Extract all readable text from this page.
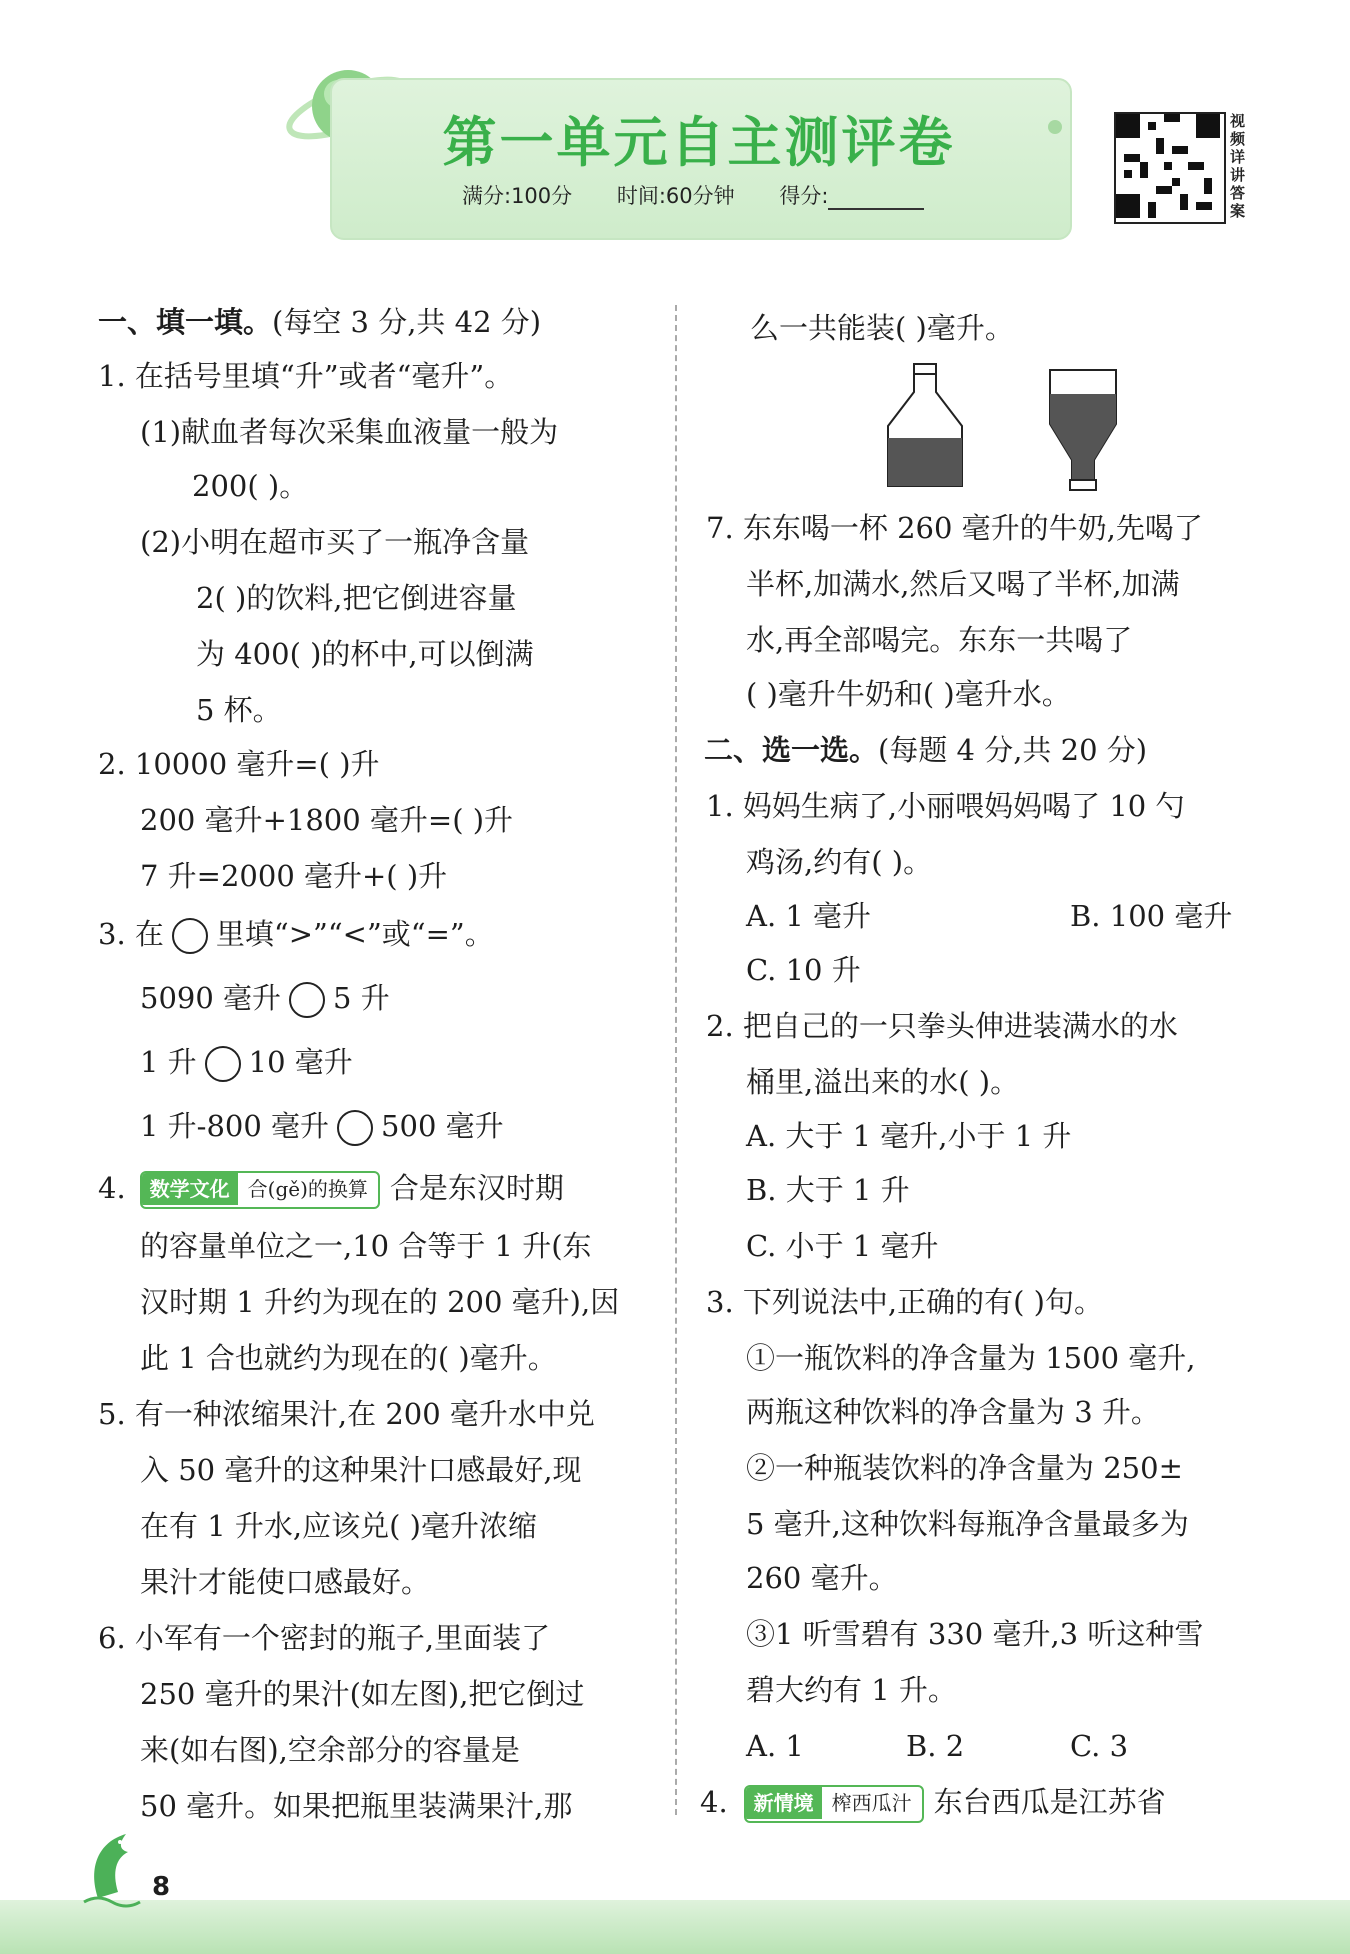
第一单元自主测评卷
满分:100分 时间:60分钟 得分:
视频详讲答案
一、填一填。(每空 3 分,共 42 分)
1. 在括号里填“升”或者“毫升”。
(1)献血者每次采集血液量一般为
200( )。
(2)小明在超市买了一瓶净含量
2( )的饮料,把它倒进容量
为 400( )的杯中,可以倒满
5 杯。
2. 10000 毫升=( )升
200 毫升+1800 毫升=( )升
7 升=2000 毫升+( )升
3. 在 里填“>”“<”或“=”。
5090 毫升 5 升
1 升 10 毫升
1 升-800 毫升 500 毫升
4. 数学文化 合(gě)的换算 合是东汉时期
的容量单位之一,10 合等于 1 升(东
汉时期 1 升约为现在的 200 毫升),因
此 1 合也就约为现在的( )毫升。
5. 有一种浓缩果汁,在 200 毫升水中兑
入 50 毫升的这种果汁口感最好,现
在有 1 升水,应该兑( )毫升浓缩
果汁才能使口感最好。
6. 小军有一个密封的瓶子,里面装了
250 毫升的果汁(如左图),把它倒过
来(如右图),空余部分的容量是
50 毫升。如果把瓶里装满果汁,那
么一共能装( )毫升。
7. 东东喝一杯 260 毫升的牛奶,先喝了
半杯,加满水,然后又喝了半杯,加满
水,再全部喝完。东东一共喝了
( )毫升牛奶和( )毫升水。
二、选一选。(每题 4 分,共 20 分)
1. 妈妈生病了,小丽喂妈妈喝了 10 勺
鸡汤,约有( )。
A. 1 毫升	B. 100 毫升
C. 10 升
2. 把自己的一只拳头伸进装满水的水
桶里,溢出来的水( )。
A. 大于 1 毫升,小于 1 升
B. 大于 1 升
C. 小于 1 毫升
3. 下列说法中,正确的有( )句。
①一瓶饮料的净含量为 1500 毫升,
两瓶这种饮料的净含量为 3 升。
②一种瓶装饮料的净含量为 250±
5 毫升,这种饮料每瓶净含量最多为
260 毫升。
③1 听雪碧有 330 毫升,3 听这种雪
碧大约有 1 升。
A. 1	B. 2	C. 3
4. 新情境 榨西瓜汁 东台西瓜是江苏省
8
